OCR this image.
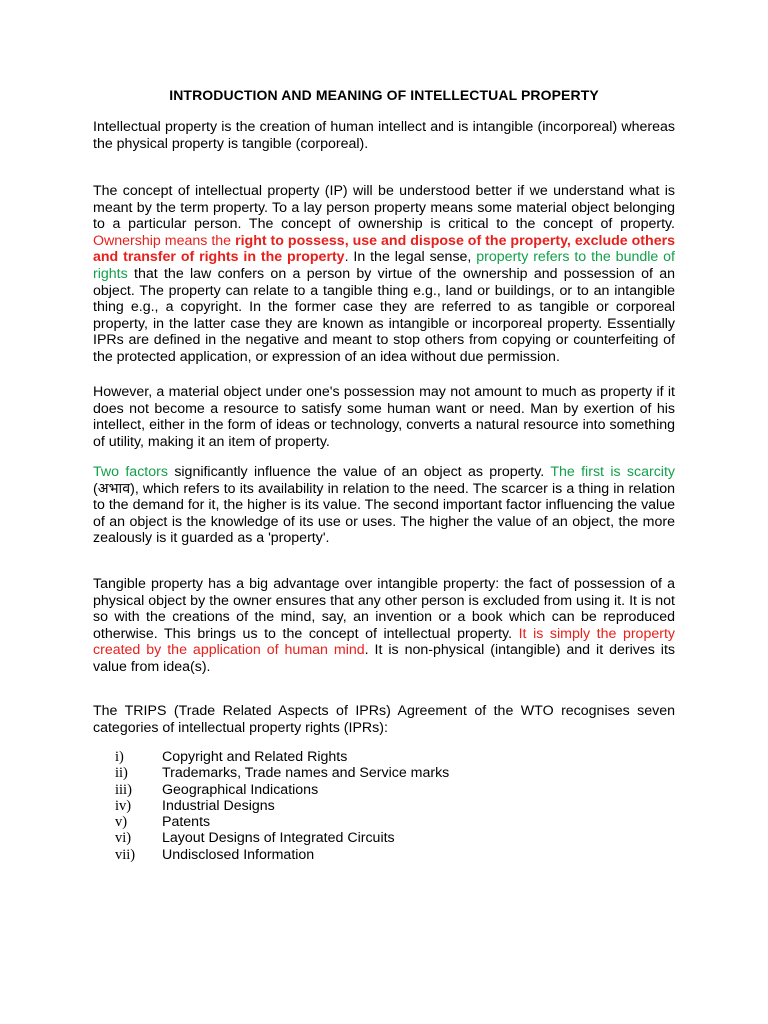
INTRODUCTION AND MEANING OF INTELLECTUAL PROPERTY

Intellectual property is the creation of human intellect and is intangible (incorporeal) whereas the physical property is tangible (corporeal).

The concept of intellectual property (IP) will be understood better if we understand what is meant by the term property. To a lay person property means some material object belonging to a particular person. The concept of ownership is critical to the concept of property. Ownership means the right to possess, use and dispose of the property, exclude others and transfer of rights in the property. In the legal sense, property refers to the bundle of rights that the law confers on a person by virtue of the ownership and possession of an object. The property can relate to a tangible thing e.g., land or buildings, or to an intangible thing e.g., a copyright. In the former case they are referred to as tangible or corporeal property, in the latter case they are known as intangible or incorporeal property. Essentially IPRs are defined in the negative and meant to stop others from copying or counterfeiting of the protected application, or expression of an idea without due permission.

However, a material object under one's possession may not amount to much as property if it does not become a resource to satisfy some human want or need. Man by exertion of his intellect, either in the form of ideas or technology, converts a natural resource into something of utility, making it an item of property.

Two factors significantly influence the value of an object as property. The first is scarcity (अभाव), which refers to its availability in relation to the need. The scarcer is a thing in relation to the demand for it, the higher is its value. The second important factor influencing the value of an object is the knowledge of its use or uses. The higher the value of an object, the more zealously is it guarded as a 'property'.

Tangible property has a big advantage over intangible property: the fact of possession of a physical object by the owner ensures that any other person is excluded from using it. It is not so with the creations of the mind, say, an invention or a book which can be reproduced otherwise. This brings us to the concept of intellectual property. It is simply the property created by the application of human mind. It is non-physical (intangible) and it derives its value from idea(s).

The TRIPS (Trade Related Aspects of IPRs) Agreement of the WTO recognises seven categories of intellectual property rights (IPRs):

i)	Copyright and Related Rights
ii)	Trademarks, Trade names and Service marks
iii)	Geographical Indications
iv)	Industrial Designs
v)	Patents
vi)	Layout Designs of Integrated Circuits
vii)	Undisclosed Information
